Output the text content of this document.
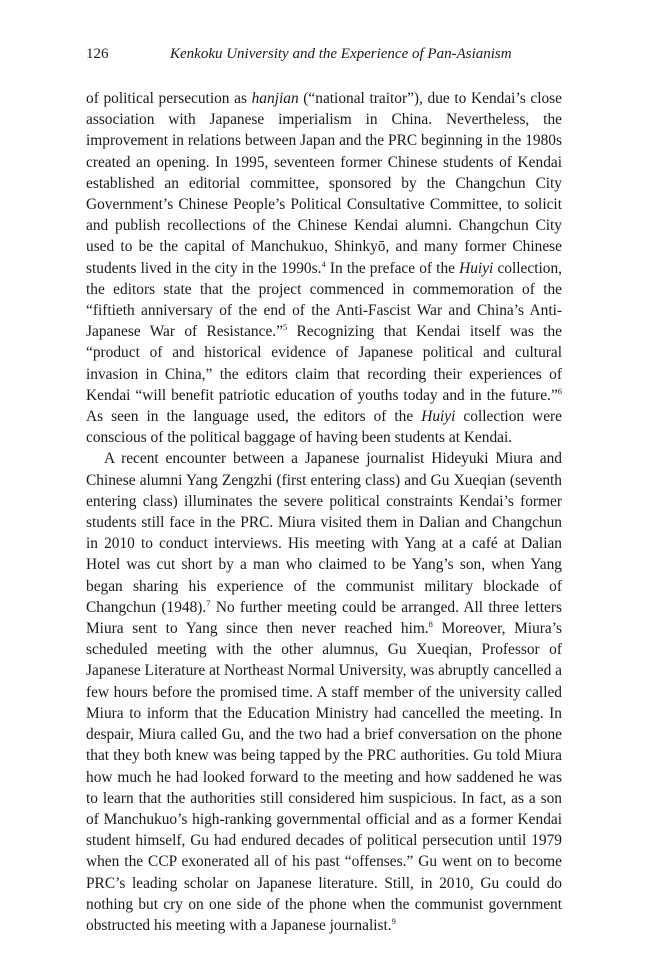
126	Kenkoku University and the Experience of Pan-Asianism

of political persecution as hanjian (“national traitor”), due to Kendai’s close association with Japanese imperialism in China. Nevertheless, the improvement in relations between Japan and the PRC beginning in the 1980s created an opening. In 1995, seventeen former Chinese students of Kendai established an editorial committee, sponsored by the Changchun City Government’s Chinese People’s Political Consultative Committee, to solicit and publish recollections of the Chinese Kendai alumni. Changchun City used to be the capital of Manchukuo, Shinkyō, and many former Chinese students lived in the city in the 1990s.$^4$ In the preface of the Huiyi collection, the editors state that the project commenced in commemoration of the “fiftieth anniversary of the end of the Anti-Fascist War and China’s Anti-Japanese War of Resistance.”$^5$ Recognizing that Kendai itself was the “product of and historical evidence of Japanese political and cultural invasion in China,” the editors claim that recording their experiences of Kendai “will benefit patriotic education of youths today and in the future.”$^6$ As seen in the language used, the editors of the Huiyi collection were conscious of the political baggage of having been students at Kendai.

A recent encounter between a Japanese journalist Hideyuki Miura and Chinese alumni Yang Zengzhi (first entering class) and Gu Xueqian (seventh entering class) illuminates the severe political constraints Kendai’s former students still face in the PRC. Miura visited them in Dalian and Changchun in 2010 to conduct interviews. His meeting with Yang at a café at Dalian Hotel was cut short by a man who claimed to be Yang’s son, when Yang began sharing his experience of the communist military blockade of Changchun (1948).$^7$ No further meeting could be arranged. All three letters Miura sent to Yang since then never reached him.$^8$ Moreover, Miura’s scheduled meeting with the other alumnus, Gu Xueqian, Professor of Japanese Literature at Northeast Normal University, was abruptly cancelled a few hours before the promised time. A staff member of the university called Miura to inform that the Education Ministry had cancelled the meeting. In despair, Miura called Gu, and the two had a brief conversation on the phone that they both knew was being tapped by the PRC authorities. Gu told Miura how much he had looked forward to the meeting and how saddened he was to learn that the authorities still considered him suspicious. In fact, as a son of Manchukuo’s high-ranking governmental official and as a former Kendai student himself, Gu had endured decades of political persecution until 1979 when the CCP exonerated all of his past “offenses.” Gu went on to become PRC’s leading scholar on Japanese literature. Still, in 2010, Gu could do nothing but cry on one side of the phone when the communist government obstructed his meeting with a Japanese journalist.$^9$
